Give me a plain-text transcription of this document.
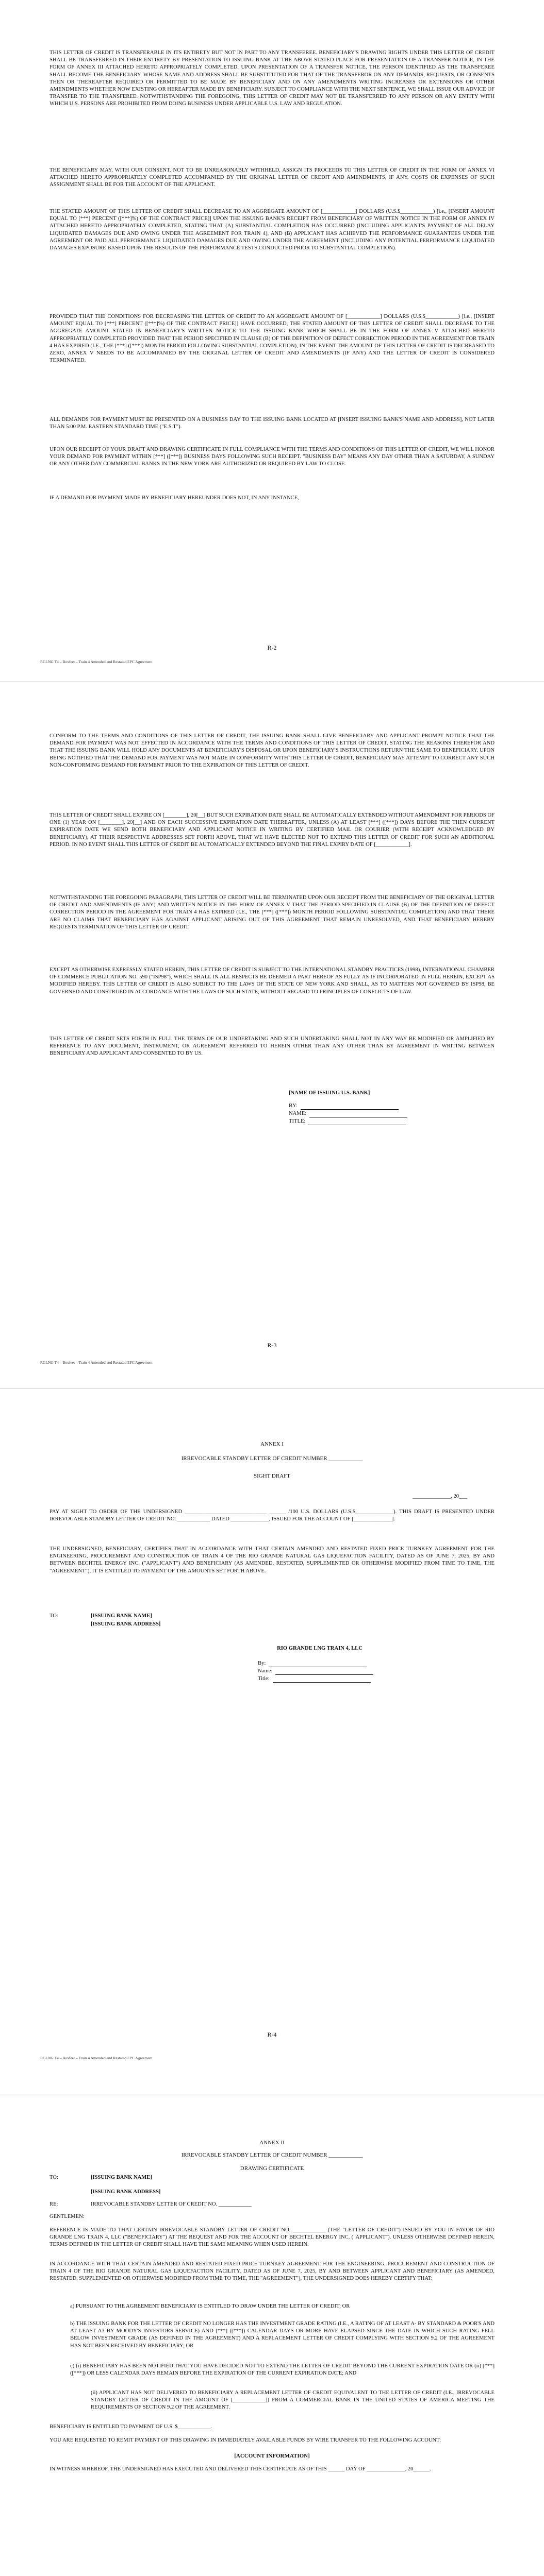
THIS LETTER OF CREDIT IS TRANSFERABLE IN ITS ENTIRETY BUT NOT IN PART TO ANY TRANSFEREE. BENEFICIARY'S DRAWING RIGHTS UNDER THIS LETTER OF CREDIT SHALL BE TRANSFERRED IN THEIR ENTIRETY BY PRESENTATION TO ISSUING BANK AT THE ABOVE-STATED PLACE FOR PRESENTATION OF A TRANSFER NOTICE, IN THE FORM OF ANNEX III ATTACHED HERETO APPROPRIATELY COMPLETED. UPON PRESENTATION OF A TRANSFER NOTICE, THE PERSON IDENTIFIED AS THE TRANSFEREE SHALL BECOME THE BENEFICIARY, WHOSE NAME AND ADDRESS SHALL BE SUBSTITUTED FOR THAT OF THE TRANSFEROR ON ANY DEMANDS, REQUESTS, OR CONSENTS THEN OR THEREAFTER REQUIRED OR PERMITTED TO BE MADE BY BENEFICIARY AND ON ANY AMENDMENTS WRITING INCREASES OR EXTENSIONS OR OTHER AMENDMENTS WHETHER NOW EXISTING OR HEREAFTER MADE BY BENEFICIARY. SUBJECT TO COMPLIANCE WITH THE NEXT SENTENCE, WE SHALL ISSUE OUR ADVICE OF TRANSFER TO THE TRANSFEREE. NOTWITHSTANDING THE FOREGOING, THIS LETTER OF CREDIT MAY NOT BE TRANSFERRED TO ANY PERSON OR ANY ENTITY WITH WHICH U.S. PERSONS ARE PROHIBITED FROM DOING BUSINESS UNDER APPLICABLE U.S. LAW AND REGULATION.

THE BENEFICIARY MAY, WITH OUR CONSENT, NOT TO BE UNREASONABLY WITHHELD, ASSIGN ITS PROCEEDS TO THIS LETTER OF CREDIT IN THE FORM OF ANNEX VI ATTACHED HERETO APPROPRIATELY COMPLETED ACCOMPANIED BY THE ORIGINAL LETTER OF CREDIT AND AMENDMENTS, IF ANY. COSTS OR EXPENSES OF SUCH ASSIGNMENT SHALL BE FOR THE ACCOUNT OF THE APPLICANT.

THE STATED AMOUNT OF THIS LETTER OF CREDIT SHALL DECREASE TO AN AGGREGATE AMOUNT OF [____________] DOLLARS (U.S.$____________) [i.e., [INSERT AMOUNT EQUAL TO [***] PERCENT ([***]%) OF THE CONTRACT PRICE]] UPON THE ISSUING BANK'S RECEIPT FROM BENEFICIARY OF WRITTEN NOTICE IN THE FORM OF ANNEX IV ATTACHED HERETO APPROPRIATELY COMPLETED, STATING THAT (A) SUBSTANTIAL COMPLETION HAS OCCURRED (INCLUDING APPLICANT'S PAYMENT OF ALL DELAY LIQUIDATED DAMAGES DUE AND OWING UNDER THE AGREEMENT FOR TRAIN 4), AND (B) APPLICANT HAS ACHIEVED THE PERFORMANCE GUARANTEES UNDER THE AGREEMENT OR PAID ALL PERFORMANCE LIQUIDATED DAMAGES DUE AND OWING UNDER THE AGREEMENT (INCLUDING ANY POTENTIAL PERFORMANCE LIQUIDATED DAMAGES EXPOSURE BASED UPON THE RESULTS OF THE PERFORMANCE TESTS CONDUCTED PRIOR TO SUBSTANTIAL COMPLETION).

PROVIDED THAT THE CONDITIONS FOR DECREASING THE LETTER OF CREDIT TO AN AGGREGATE AMOUNT OF [____________] DOLLARS (U.S.$____________) [i.e., [INSERT AMOUNT EQUAL TO [***] PERCENT ([***]%) OF THE CONTRACT PRICE]] HAVE OCCURRED, THE STATED AMOUNT OF THIS LETTER OF CREDIT SHALL DECREASE TO THE AGGREGATE AMOUNT STATED IN BENEFICIARY'S WRITTEN NOTICE TO THE ISSUING BANK WHICH SHALL BE IN THE FORM OF ANNEX V ATTACHED HERETO APPROPRIATELY COMPLETED PROVIDED THAT THE PERIOD SPECIFIED IN CLAUSE (B) OF THE DEFINITION OF DEFECT CORRECTION PERIOD IN THE AGREEMENT FOR TRAIN 4 HAS EXPIRED (I.E., THE [***] ([***]) MONTH PERIOD FOLLOWING SUBSTANTIAL COMPLETION), IN THE EVENT THE AMOUNT OF THIS LETTER OF CREDIT IS DECREASED TO ZERO, ANNEX V NEEDS TO BE ACCOMPANIED BY THE ORIGINAL LETTER OF CREDIT AND AMENDMENTS (IF ANY) AND THE LETTER OF CREDIT IS CONSIDERED TERMINATED.

ALL DEMANDS FOR PAYMENT MUST BE PRESENTED ON A BUSINESS DAY TO THE ISSUING BANK LOCATED AT [INSERT ISSUING BANK'S NAME AND ADDRESS], NOT LATER THAN 5:00 P.M. EASTERN STANDARD TIME ("E.S.T").

UPON OUR RECEIPT OF YOUR DRAFT AND DRAWING CERTIFICATE IN FULL COMPLIANCE WITH THE TERMS AND CONDITIONS OF THIS LETTER OF CREDIT, WE WILL HONOR YOUR DEMAND FOR PAYMENT WITHIN [***] ([***]) BUSINESS DAYS FOLLOWING SUCH RECEIPT. "BUSINESS DAY" MEANS ANY DAY OTHER THAN A SATURDAY, A SUNDAY OR ANY OTHER DAY COMMERCIAL BANKS IN THE NEW YORK ARE AUTHORIZED OR REQUIRED BY LAW TO CLOSE.

IF A DEMAND FOR PAYMENT MADE BY BENEFICIARY HEREUNDER DOES NOT, IN ANY INSTANCE,

R-2
RGLNG T4 – Boxfeet – Train 4 Amended and Restated EPC Agreement

CONFORM TO THE TERMS AND CONDITIONS OF THIS LETTER OF CREDIT, THE ISSUING BANK SHALL GIVE BENEFICIARY AND APPLICANT PROMPT NOTICE THAT THE DEMAND FOR PAYMENT WAS NOT EFFECTED IN ACCORDANCE WITH THE TERMS AND CONDITIONS OF THIS LETTER OF CREDIT, STATING THE REASONS THEREFOR AND THAT THE ISSUING BANK WILL HOLD ANY DOCUMENTS AT BENEFICIARY'S DISPOSAL OR UPON BENEFICIARY'S INSTRUCTIONS RETURN THE SAME TO BENEFICIARY. UPON BEING NOTIFIED THAT THE DEMAND FOR PAYMENT WAS NOT MADE IN CONFORMITY WITH THIS LETTER OF CREDIT, BENEFICIARY MAY ATTEMPT TO CORRECT ANY SUCH NON-CONFORMING DEMAND FOR PAYMENT PRIOR TO THE EXPIRATION OF THIS LETTER OF CREDIT.

THIS LETTER OF CREDIT SHALL EXPIRE ON [________], 20[__] BUT SUCH EXPIRATION DATE SHALL BE AUTOMATICALLY EXTENDED WITHOUT AMENDMENT FOR PERIODS OF ONE (1) YEAR ON [________], 20[__] AND ON EACH SUCCESSIVE EXPIRATION DATE THEREAFTER, UNLESS (A) AT LEAST [***] ([***]) DAYS BEFORE THE THEN CURRENT EXPIRATION DATE WE SEND BOTH BENEFICIARY AND APPLICANT NOTICE IN WRITING BY CERTIFIED MAIL OR COURIER (WITH RECEIPT ACKNOWLEDGED BY BENEFICIARY), AT THEIR RESPECTIVE ADDRESSES SET FORTH ABOVE, THAT WE HAVE ELECTED NOT TO EXTEND THIS LETTER OF CREDIT FOR SUCH AN ADDITIONAL PERIOD. IN NO EVENT SHALL THIS LETTER OF CREDIT BE AUTOMATICALLY EXTENDED BEYOND THE FINAL EXPIRY DATE OF [____________].

NOTWITHSTANDING THE FOREGOING PARAGRAPH, THIS LETTER OF CREDIT WILL BE TERMINATED UPON OUR RECEIPT FROM THE BENEFICIARY OF THE ORIGINAL LETTER OF CREDIT AND AMENDMENTS (IF ANY) AND WRITTEN NOTICE IN THE FORM OF ANNEX V THAT THE PERIOD SPECIFIED IN CLAUSE (B) OF THE DEFINITION OF DEFECT CORRECTION PERIOD IN THE AGREEMENT FOR TRAIN 4 HAS EXPIRED (I.E., THE [***] ([***]) MONTH PERIOD FOLLOWING SUBSTANTIAL COMPLETION) AND THAT THERE ARE NO CLAIMS THAT BENEFICIARY HAS AGAINST APPLICANT ARISING OUT OF THIS AGREEMENT THAT REMAIN UNRESOLVED, AND THAT BENEFICIARY HEREBY REQUESTS TERMINATION OF THIS LETTER OF CREDIT.

EXCEPT AS OTHERWISE EXPRESSLY STATED HEREIN, THIS LETTER OF CREDIT IS SUBJECT TO THE INTERNATIONAL STANDBY PRACTICES (1998), INTERNATIONAL CHAMBER OF COMMERCE PUBLICATION NO. 590 ("ISP98"), WHICH SHALL IN ALL RESPECTS BE DEEMED A PART HEREOF AS FULLY AS IF INCORPORATED IN FULL HEREIN, EXCEPT AS MODIFIED HEREBY. THIS LETTER OF CREDIT IS ALSO SUBJECT TO THE LAWS OF THE STATE OF NEW YORK AND SHALL, AS TO MATTERS NOT GOVERNED BY ISP98, BE GOVERNED AND CONSTRUED IN ACCORDANCE WITH THE LAWS OF SUCH STATE, WITHOUT REGARD TO PRINCIPLES OF CONFLICTS OF LAW.

THIS LETTER OF CREDIT SETS FORTH IN FULL THE TERMS OF OUR UNDERTAKING AND SUCH UNDERTAKING SHALL NOT IN ANY WAY BE MODIFIED OR AMPLIFIED BY REFERENCE TO ANY DOCUMENT, INSTRUMENT, OR AGREEMENT REFERRED TO HEREIN OTHER THAN ANY OTHER THAN BY AGREEMENT IN WRITING BETWEEN BENEFICIARY AND APPLICANT AND CONSENTED TO BY US.

[NAME OF ISSUING U.S. BANK]
BY:
NAME:
TITLE:
R-3
RGLNG T4 – Boxfeet – Train 4 Amended and Restated EPC Agreement
ANNEX I
IRREVOCABLE STANDBY LETTER OF CREDIT NUMBER ____________
SIGHT DRAFT
______________, 20___

PAY AT SIGHT TO ORDER OF THE UNDERSIGNED ______________________________ ______ /100 U.S. DOLLARS (U.S.$______________). THIS DRAFT IS PRESENTED UNDER IRREVOCABLE STANDBY LETTER OF CREDIT NO. ____________ DATED ______________, ISSUED FOR THE ACCOUNT OF [______________].

THE UNDERSIGNED, BENEFICIARY, CERTIFIES THAT IN ACCORDANCE WITH THAT CERTAIN AMENDED AND RESTATED FIXED PRICE TURNKEY AGREEMENT FOR THE ENGINEERING, PROCUREMENT AND CONSTRUCTION OF TRAIN 4 OF THE RIO GRANDE NATURAL GAS LIQUEFACTION FACILITY, DATED AS OF JUNE 7, 2025, BY AND BETWEEN BECHTEL ENERGY INC. ("APPLICANT") AND BENEFICIARY (AS AMENDED, RESTATED, SUPPLEMENTED OR OTHERWISE MODIFIED FROM TIME TO TIME, THE "AGREEMENT"), IT IS ENTITLED TO PAYMENT OF THE AMOUNTS SET FORTH ABOVE.

TO:	[ISSUING BANK NAME]
[ISSUING BANK ADDRESS]
RIO GRANDE LNG TRAIN 4, LLC
By:
Name:
Title:
R-4
RGLNG T4 – Boxfeet – Train 4 Amended and Restated EPC Agreement
ANNEX II
IRREVOCABLE STANDBY LETTER OF CREDIT NUMBER ____________
DRAWING CERTIFICATE
TO:	[ISSUING BANK NAME]
[ISSUING BANK ADDRESS]
RE:	IRREVOCABLE STANDBY LETTER OF CREDIT NO. ____________
GENTLEMEN:

REFERENCE IS MADE TO THAT CERTAIN IRREVOCABLE STANDBY LETTER OF CREDIT NO. ____________ (THE "LETTER OF CREDIT") ISSUED BY YOU IN FAVOR OF RIO GRANDE LNG TRAIN 4, LLC ("BENEFICIARY") AT THE REQUEST AND FOR THE ACCOUNT OF BECHTEL ENERGY INC. ("APPLICANT"). UNLESS OTHERWISE DEFINED HEREIN, TERMS DEFINED IN THE LETTER OF CREDIT SHALL HAVE THE SAME MEANING WHEN USED HEREIN.

IN ACCORDANCE WITH THAT CERTAIN AMENDED AND RESTATED FIXED PRICE TURNKEY AGREEMENT FOR THE ENGINEERING, PROCUREMENT AND CONSTRUCTION OF TRAIN 4 OF THE RIO GRANDE NATURAL GAS LIQUEFACTION FACILITY, DATED AS OF JUNE 7, 2025, BY AND BETWEEN APPLICANT AND BENEFICIARY (AS AMENDED, RESTATED, SUPPLEMENTED OR OTHERWISE MODIFIED FROM TIME TO TIME, THE "AGREEMENT"), THE UNDERSIGNED DOES HEREBY CERTIFY THAT:

a) PURSUANT TO THE AGREEMENT BENEFICIARY IS ENTITLED TO DRAW UNDER THE LETTER OF CREDIT; OR

b) THE ISSUING BANK FOR THE LETTER OF CREDIT NO LONGER HAS THE INVESTMENT GRADE RATING (I.E., A RATING OF AT LEAST A- BY STANDARD & POOR'S AND AT LEAST A3 BY MOODY'S INVESTORS SERVICE) AND [***] ([***]) CALENDAR DAYS OR MORE HAVE ELAPSED SINCE THE DATE IN WHICH SUCH RATING FELL BELOW INVESTMENT GRADE (AS DEFINED IN THE AGREEMENT) AND A REPLACEMENT LETTER OF CREDIT COMPLYING WITH SECTION 9.2 OF THE AGREEMENT HAS NOT BEEN RECEIVED BY BENEFICIARY; OR

c) (i) BENEFICIARY HAS BEEN NOTIFIED THAT YOU HAVE DECIDED NOT TO EXTEND THE LETTER OF CREDIT BEYOND THE CURRENT EXPIRATION DATE OR (ii) [***] ([***]) OR LESS CALENDAR DAYS REMAIN BEFORE THE EXPIRATION OF THE CURRENT EXPIRATION DATE; AND

(ii) APPLICANT HAS NOT DELIVERED TO BENEFICIARY A REPLACEMENT LETTER OF CREDIT EQUIVALENT TO THE LETTER OF CREDIT (I.E., IRREVOCABLE STANDBY LETTER OF CREDIT IN THE AMOUNT OF [____________]) FROM A COMMERCIAL BANK IN THE UNITED STATES OF AMERICA MEETING THE REQUIREMENTS OF SECTION 9.2 OF THE AGREEMENT.

BENEFICIARY IS ENTITLED TO PAYMENT OF U.S. $____________.

YOU ARE REQUESTED TO REMIT PAYMENT OF THIS DRAWING IN IMMEDIATELY AVAILABLE FUNDS BY WIRE TRANSFER TO THE FOLLOWING ACCOUNT:

[ACCOUNT INFORMATION]

IN WITNESS WHEREOF, THE UNDERSIGNED HAS EXECUTED AND DELIVERED THIS CERTIFICATE AS OF THIS ______ DAY OF ______________, 20______.
